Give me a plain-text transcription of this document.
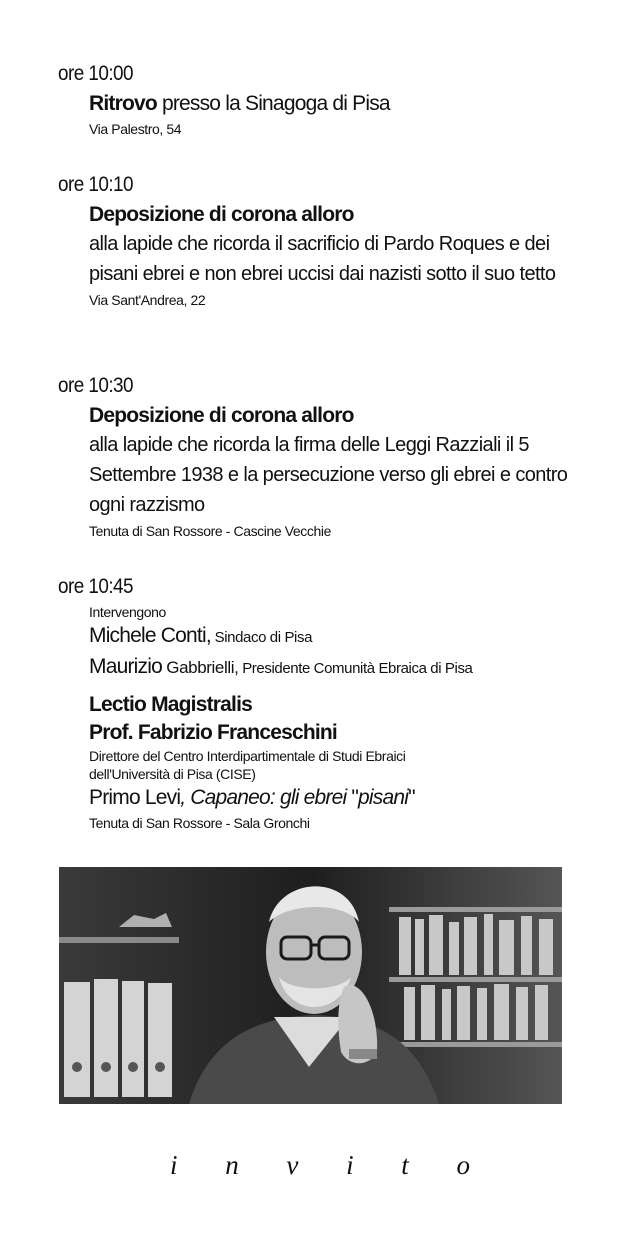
ore 10:00
Ritrovo presso la Sinagoga di Pisa
Via Palestro, 54
ore 10:10
Deposizione di corona alloro
alla lapide che ricorda il sacrificio di Pardo Roques e dei pisani ebrei e non ebrei uccisi dai nazisti sotto il suo tetto
Via Sant'Andrea, 22
ore 10:30
Deposizione di corona alloro
alla lapide che ricorda la firma delle Leggi Razziali il 5 Settembre 1938 e la persecuzione verso gli ebrei e contro ogni razzismo
Tenuta di San Rossore - Cascine Vecchie
ore 10:45
Intervengono
Michele Conti, Sindaco di Pisa
Maurizio Gabbrielli, Presidente Comunità Ebraica di Pisa
Lectio Magistralis
Prof. Fabrizio Franceschini
Direttore del Centro Interdipartimentale di Studi Ebraici
dell'Università di Pisa (CISE)
Primo Levi, Capaneo: gli ebrei "pisani"
Tenuta di San Rossore - Sala Gronchi
i n v i t o
